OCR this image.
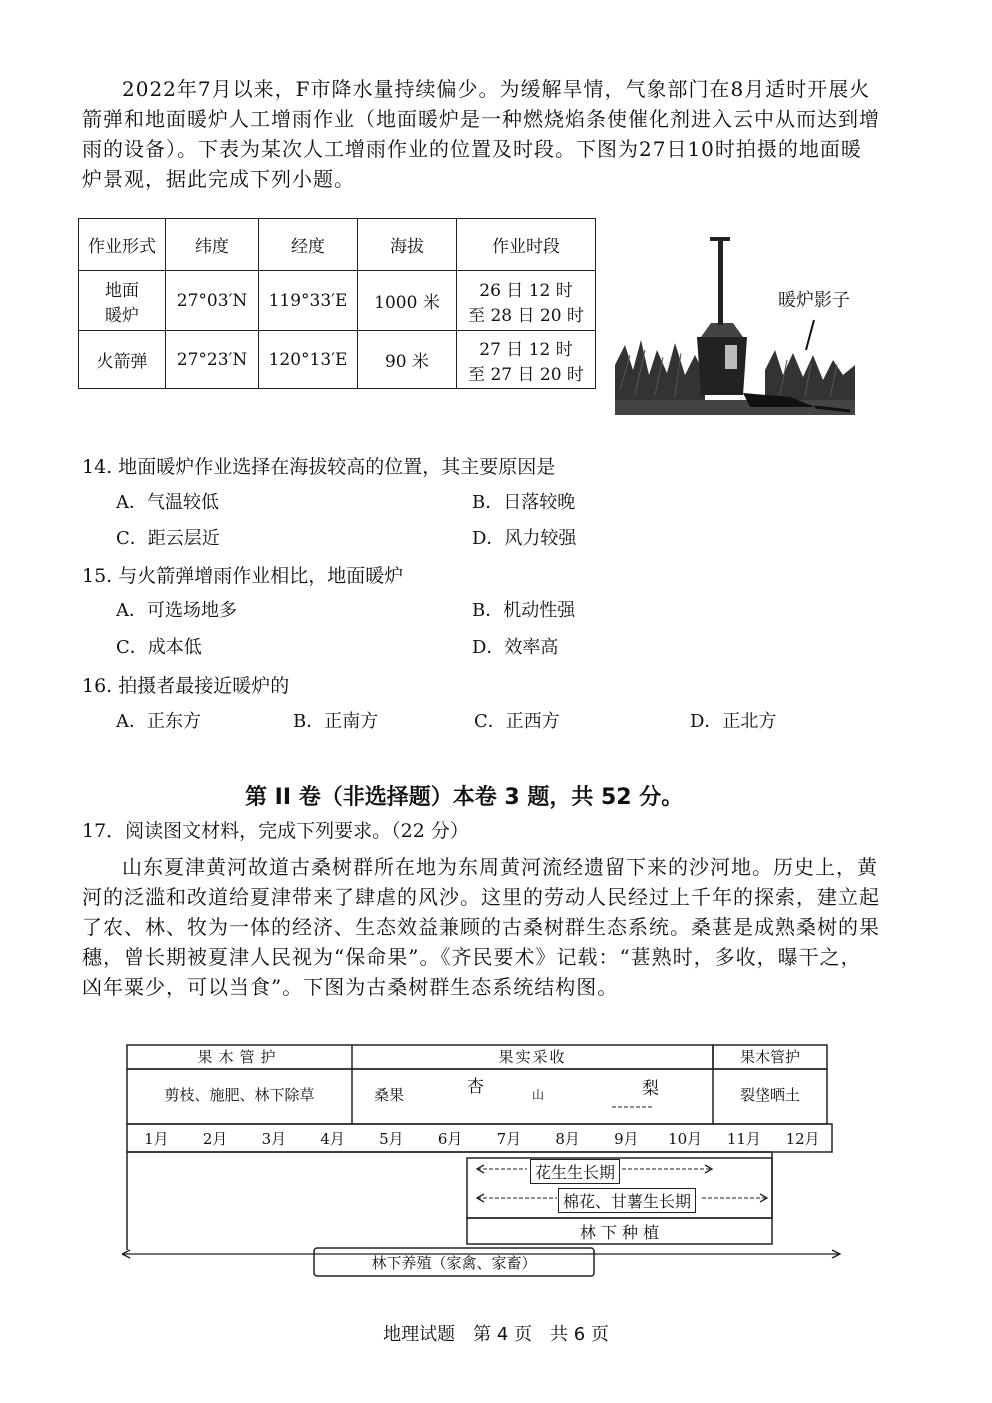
2022年7月以来，F市降水量持续偏少。为缓解旱情，气象部门在8月适时开展火箭弹和地面暖炉人工增雨作业（地面暖炉是一种燃烧焰条使催化剂进入云中从而达到增雨的设备）。下表为某次人工增雨作业的位置及时段。下图为27日10时拍摄的地面暖炉景观，据此完成下列小题。

作业形式	纬度	经度	海拔	作业时段
地面
暖炉	27°03′N	119°33′E	1000 米	26 日 12 时
至 28 日 20 时
火箭弹	27°23′N	120°13′E	90 米	27 日 12 时
至 27 日 20 时
暖炉影子
14. 地面暖炉作业选择在海拔较高的位置，其主要原因是
A．气温较低	B．日落较晚
C．距云层近	D．风力较强
15. 与火箭弹增雨作业相比，地面暖炉
A．可选场地多	B．机动性强
C．成本低	D．效率高
16. 拍摄者最接近暖炉的
A．正东方	B．正南方	C．正西方	D．正北方
第 II 卷（非选择题）本卷 3 题，共 52 分。
17．阅读图文材料，完成下列要求。（22 分）

山东夏津黄河故道古桑树群所在地为东周黄河流经遗留下来的沙河地。历史上，黄河的泛滥和改道给夏津带来了肆虐的风沙。这里的劳动人民经过上千年的探索，建立起了农、林、牧为一体的经济、生态效益兼顾的古桑树群生态系统。桑葚是成熟桑树的果穗，曾长期被夏津人民视为“保命果”。《齐民要术》记载：“葚熟时，多收，曝干之，凶年粟少，可以当食”。下图为古桑树群生态系统结构图。

果木管护	果实采收	果木管护
剪枝、施肥、林下除草	桑果	杏	山	梨	裂垡晒土
1月	2月	3月	4月	5月	6月	7月	8月	9月	10月	11月	12月
花生生长期
棉花、甘薯生长期
林 下 种 植
林下养殖（家禽、家畜）
地理试题　第 4 页　共 6 页
